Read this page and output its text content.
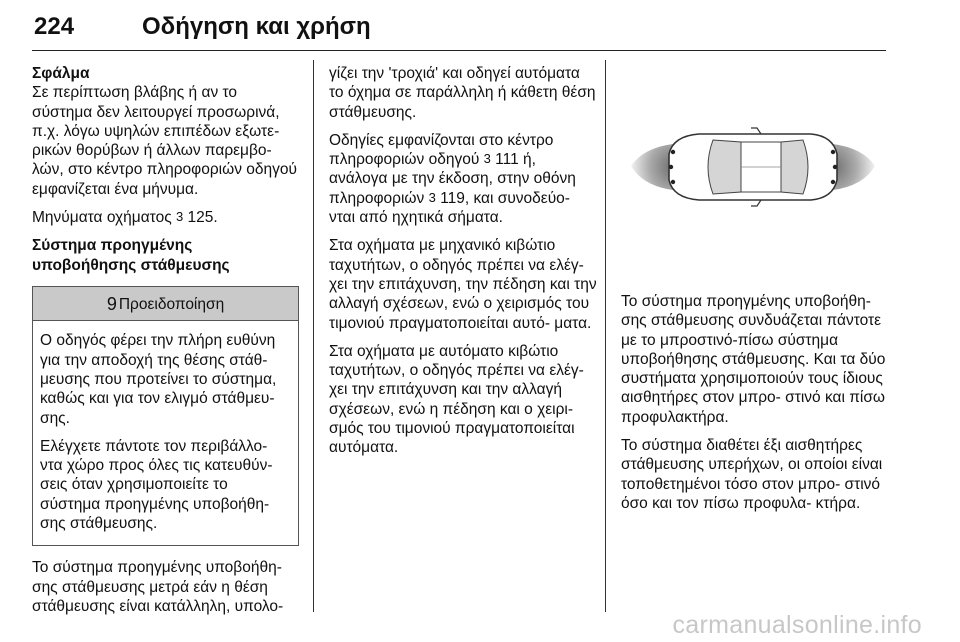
224	Οδήγηση και χρήση
Σφάλμα

Σε περίπτωση βλάβης ή αν το σύστημα δεν λειτουργεί προσωρινά, π.χ. λόγω υψηλών επιπέδων εξωτε- ρικών θορύβων ή άλλων παρεμβο- λών, στο κέντρο πληροφοριών οδηγού εμφανίζεται ένα μήνυμα.

Μηνύματα οχήματος 3 125.

Σύστημα προηγμένης
υποβοήθησης στάθμευσης
9 Προειδοποίηση

Ο οδηγός φέρει την πλήρη ευθύνη για την αποδοχή της θέσης στάθ- μευσης που προτείνει το σύστημα, καθώς και για τον ελιγμό στάθμευ- σης.

Ελέγχετε πάντοτε τον περιβάλλο- ντα χώρο προς όλες τις κατευθύν- σεις όταν χρησιμοποιείτε το σύστημα προηγμένης υποβοήθη- σης στάθμευσης.

Το σύστημα προηγμένης υποβοήθη- σης στάθμευσης μετρά εάν η θέση στάθμευσης είναι κατάλληλη, υπολο-

γίζει την 'τροχιά' και οδηγεί αυτόματα το όχημα σε παράλληλη ή κάθετη θέση στάθμευσης.

Οδηγίες εμφανίζονται στο κέντρο πληροφοριών οδηγού 3 111 ή, ανάλογα με την έκδοση, στην οθόνη πληροφοριών 3 119, και συνοδεύο- νται από ηχητικά σήματα.

Στα οχήματα με μηχανικό κιβώτιο ταχυτήτων, ο οδηγός πρέπει να ελέγ- χει την επιτάχυνση, την πέδηση και την αλλαγή σχέσεων, ενώ ο χειρισμός του τιμονιού πραγματοποιείται αυτό- ματα.

Στα οχήματα με αυτόματο κιβώτιο ταχυτήτων, ο οδηγός πρέπει να ελέγ- χει την επιτάχυνση και την αλλαγή σχέσεων, ενώ η πέδηση και ο χειρι- σμός του τιμονιού πραγματοποιείται αυτόματα.

Το σύστημα προηγμένης υποβοήθη- σης στάθμευσης συνδυάζεται πάντοτε με το μπροστινό-πίσω σύστημα υποβοήθησης στάθμευσης. Και τα δύο συστήματα χρησιμοποιούν τους ίδιους αισθητήρες στον μπρο- στινό και πίσω προφυλακτήρα.

Το σύστημα διαθέτει έξι αισθητήρες στάθμευσης υπερήχων, οι οποίοι είναι τοποθετημένοι τόσο στον μπρο- στινό όσο και τον πίσω προφυλα- κτήρα.

carmanualsonline.info
